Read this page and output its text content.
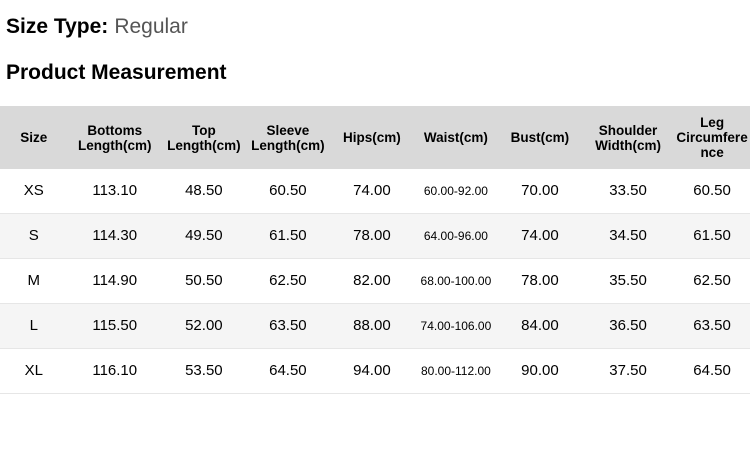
Size Type: Regular
Product Measurement
Size	Bottoms Length(cm)	Top Length(cm)	Sleeve Length(cm)	Hips(cm)	Waist(cm)	Bust(cm)	Shoulder Width(cm)	Leg Circumference
XS	113.10	48.50	60.50	74.00	60.00-92.00	70.00	33.50	60.50
S	114.30	49.50	61.50	78.00	64.00-96.00	74.00	34.50	61.50
M	114.90	50.50	62.50	82.00	68.00-100.00	78.00	35.50	62.50
L	115.50	52.00	63.50	88.00	74.00-106.00	84.00	36.50	63.50
XL	116.10	53.50	64.50	94.00	80.00-112.00	90.00	37.50	64.50
